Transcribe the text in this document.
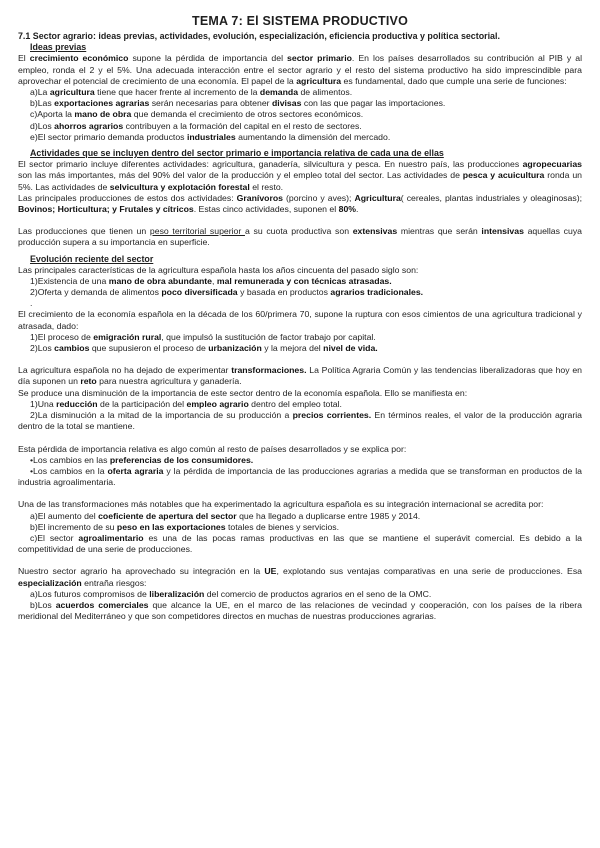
TEMA 7: El SISTEMA PRODUCTIVO
7.1 Sector agrario: ideas previas, actividades, evolución, especialización, eficiencia productiva y política sectorial.
Ideas previas

El crecimiento económico supone la pérdida de importancia del sector primario. En los países desarrollados su contribución al PIB y al empleo, ronda el 2 y el 5%. Una adecuada interacción entre el sector agrario y el resto del sistema productivo ha sido imprescindible para aprovechar el potencial de crecimiento de una economía. El papel de la agricultura es fundamental, dado que cumple una serie de funciones:

a)La agricultura tiene que hacer frente al incremento de la demanda de alimentos.

b)Las exportaciones agrarias serán necesarias para obtener divisas con las que pagar las importaciones.

c)Aporta la mano de obra que demanda el crecimiento de otros sectores económicos.

d)Los ahorros agrarios contribuyen a la formación del capital en el resto de sectores.

e)El sector primario demanda productos industriales aumentando la dimensión del mercado.

Actividades que se incluyen dentro del sector primario e importancia relativa de cada una de ellas

El sector primario incluye diferentes actividades: agricultura, ganadería, silvicultura y pesca. En nuestro país, las producciones agropecuarias son las más importantes, más del 90% del valor de la producción y el empleo total del sector. Las actividades de pesca y acuicultura ronda un 5%. Las actividades de selvicultura y explotación forestal el resto.

Las principales producciones de estos dos actividades: Granívoros (porcino y aves); Agricultura( cereales, plantas industriales y oleaginosas); Bovinos; Horticultura; y Frutales y cítricos. Estas cinco actividades, suponen el 80%.

Las producciones que tienen un peso territorial superior a su cuota productiva son extensivas mientras que serán intensivas aquellas cuya producción supera a su importancia en superficie.

Evolución reciente del sector

Las principales características de la agricultura española hasta los años cincuenta del pasado siglo son:

1)Existencia de una mano de obra abundante, mal remunerada y con técnicas atrasadas.

2)Oferta y demanda de alimentos poco diversificada y basada en productos agrarios tradicionales.

.

El crecimiento de la economía española en la década de los 60/primera 70, supone la ruptura con esos cimientos de una agricultura tradicional y atrasada, dado:

1)El proceso de emigración rural, que impulsó la sustitución de factor trabajo por capital.

2)Los cambios que supusieron el proceso de urbanización y la mejora del nivel de vida.

La agricultura española no ha dejado de experimentar transformaciones. La Política Agraria Común y las tendencias liberalizadoras que hoy en día suponen un reto para nuestra agricultura y ganadería.

Se produce una disminución de la importancia de este sector dentro de la economía española. Ello se manifiesta en:

1)Una reducción de la participación del empleo agrario dentro del empleo total.

2)La disminución a la mitad de la importancia de su producción a precios corrientes. En términos reales, el valor de la producción agraria dentro de la total se mantiene.

Esta pérdida de importancia relativa es algo común al resto de países desarrollados y se explica por:

•Los cambios en las preferencias de los consumidores.

•Los cambios en la oferta agraria y la pérdida de importancia de las producciones agrarias a medida que se transforman en productos de la industria agroalimentaria.

Una de las transformaciones más notables que ha experimentado la agricultura española es su integración internacional se acredita por:

a)El aumento del coeficiente de apertura del sector que ha llegado a duplicarse entre 1985 y 2014.

b)El incremento de su peso en las exportaciones totales de bienes y servicios.

c)El sector agroalimentario es una de las pocas ramas productivas en las que se mantiene el superávit comercial. Es debido a la competitividad de una serie de producciones.

Nuestro sector agrario ha aprovechado su integración en la UE, explotando sus ventajas comparativas en una serie de producciones. Esa especialización entraña riesgos:

a)Los futuros compromisos de liberalización del comercio de productos agrarios en el seno de la OMC.

b)Los acuerdos comerciales que alcance la UE, en el marco de las relaciones de vecindad y cooperación, con los países de la ribera meridional del Mediterráneo y que son competidores directos en muchas de nuestras producciones agrarias.
